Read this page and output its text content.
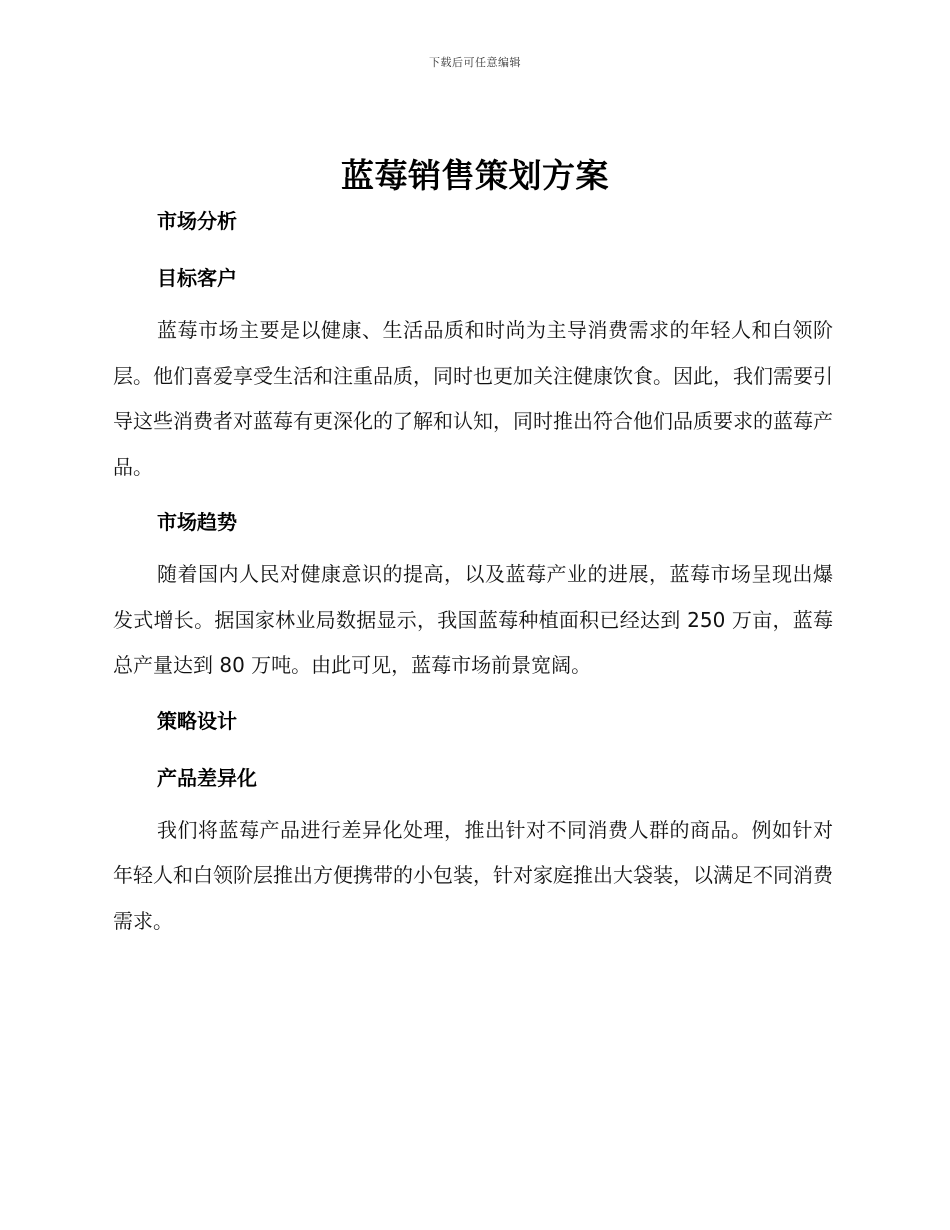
下载后可任意编辑
蓝莓销售策划方案
市场分析
目标客户

蓝莓市场主要是以健康、生活品质和时尚为主导消费需求的年轻人和白领阶层。他们喜爱享受生活和注重品质，同时也更加关注健康饮食。因此，我们需要引导这些消费者对蓝莓有更深化的了解和认知，同时推出符合他们品质要求的蓝莓产品。

市场趋势

随着国内人民对健康意识的提高，以及蓝莓产业的进展，蓝莓市场呈现出爆发式增长。据国家林业局数据显示，我国蓝莓种植面积已经达到 250 万亩，蓝莓总产量达到 80 万吨。由此可见，蓝莓市场前景宽阔。

策略设计
产品差异化

我们将蓝莓产品进行差异化处理，推出针对不同消费人群的商品。例如针对年轻人和白领阶层推出方便携带的小包装，针对家庭推出大袋装，以满足不同消费需求。
